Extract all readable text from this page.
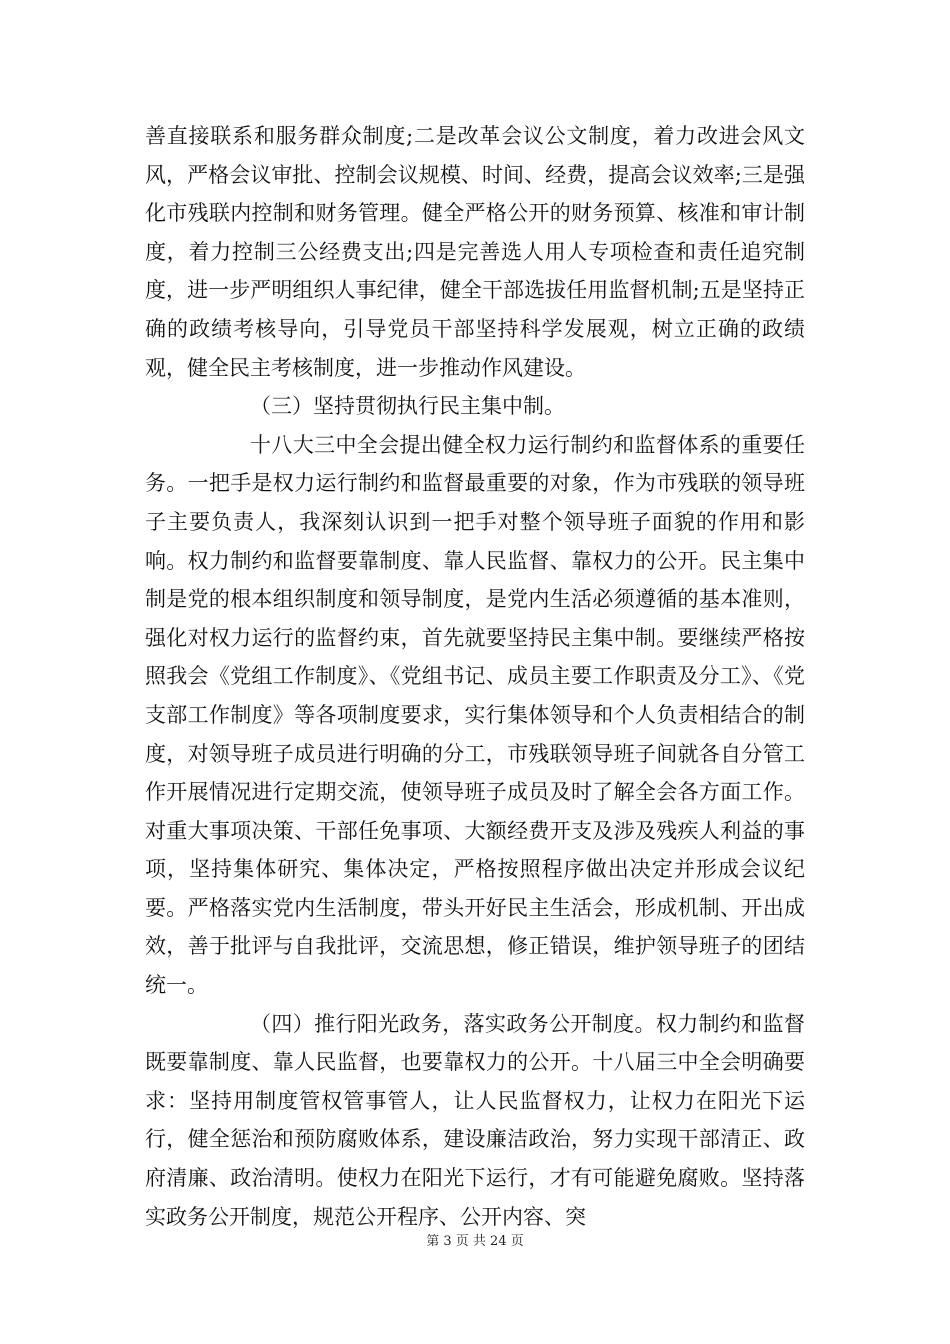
善直接联系和服务群众制度;二是改革会议公文制度，着力改进会风文风，严格会议审批、控制会议规模、时间、经费，提高会议效率;三是强化市残联内控制和财务管理。健全严格公开的财务预算、核准和审计制度，着力控制三公经费支出;四是完善选人用人专项检查和责任追究制度，进一步严明组织人事纪律，健全干部选拔任用监督机制;五是坚持正确的政绩考核导向，引导党员干部坚持科学发展观，树立正确的政绩观，健全民主考核制度，进一步推动作风建设。

（三）坚持贯彻执行民主集中制。

十八大三中全会提出健全权力运行制约和监督体系的重要任务。一把手是权力运行制约和监督最重要的对象，作为市残联的领导班子主要负责人，我深刻认识到一把手对整个领导班子面貌的作用和影响。权力制约和监督要靠制度、靠人民监督、靠权力的公开。民主集中制是党的根本组织制度和领导制度，是党内生活必须遵循的基本准则，强化对权力运行的监督约束，首先就要坚持民主集中制。要继续严格按照我会《党组工作制度》、《党组书记、成员主要工作职责及分工》、《党支部工作制度》等各项制度要求，实行集体领导和个人负责相结合的制度，对领导班子成员进行明确的分工，市残联领导班子间就各自分管工作开展情况进行定期交流，使领导班子成员及时了解全会各方面工作。对重大事项决策、干部任免事项、大额经费开支及涉及残疾人利益的事项，坚持集体研究、集体决定，严格按照程序做出决定并形成会议纪要。严格落实党内生活制度，带头开好民主生活会，形成机制、开出成效，善于批评与自我批评，交流思想，修正错误，维护领导班子的团结统一。

（四）推行阳光政务，落实政务公开制度。权力制约和监督既要靠制度、靠人民监督，也要靠权力的公开。十八届三中全会明确要求：坚持用制度管权管事管人，让人民监督权力，让权力在阳光下运行，健全惩治和预防腐败体系，建设廉洁政治，努力实现干部清正、政府清廉、政治清明。使权力在阳光下运行，才有可能避免腐败。坚持落实政务公开制度，规范公开程序、公开内容、突

第 3 页 共 24 页
